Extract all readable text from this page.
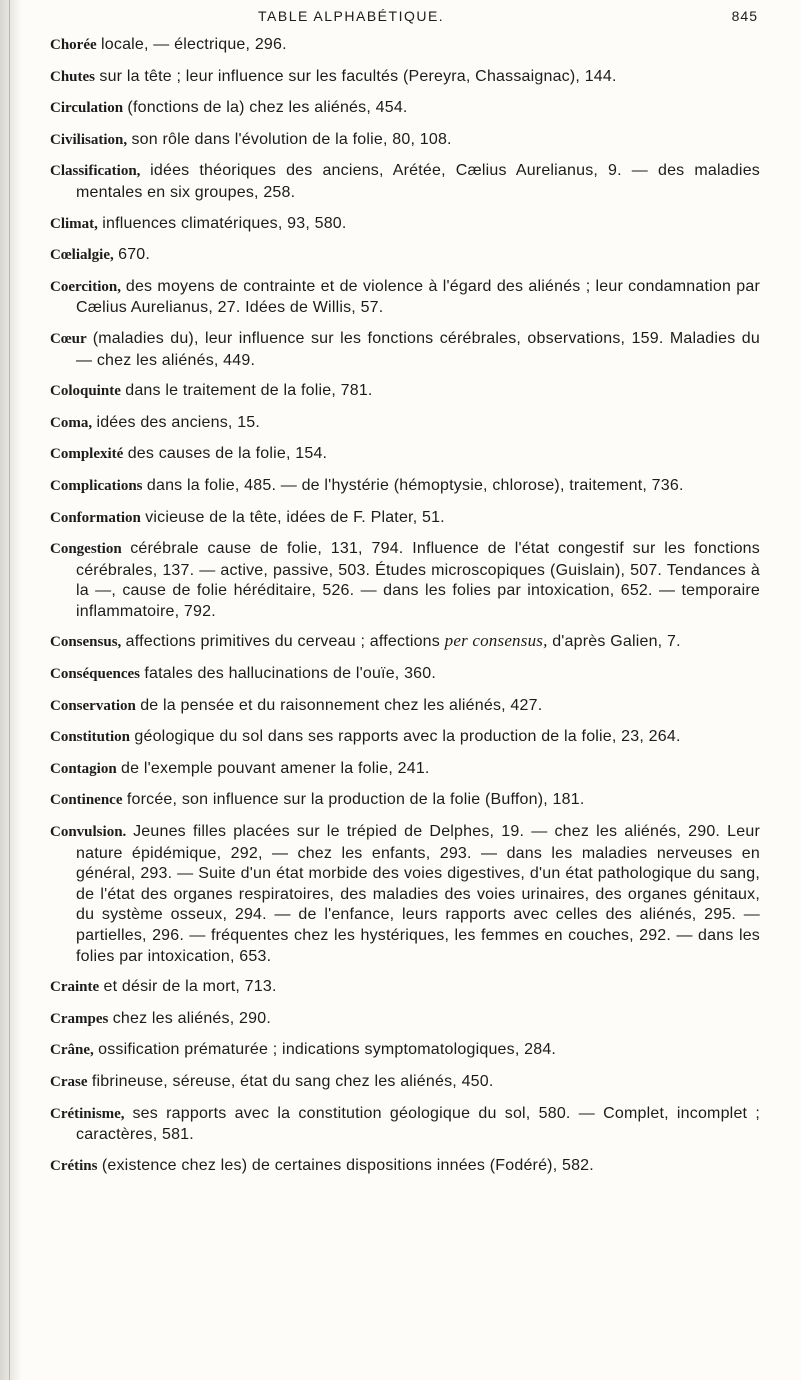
TABLE ALPHABÉTIQUE.	845

Chorée locale, — électrique, 296.

Chutes sur la tête ; leur influence sur les facultés (Pereyra, Chassaignac), 144.

Circulation (fonctions de la) chez les aliénés, 454.

Civilisation, son rôle dans l'évolution de la folie, 80, 108.

Classification, idées théoriques des anciens, Arétée, Cælius Aurelianus, 9. — des maladies mentales en six groupes, 258.

Climat, influences climatériques, 93, 580.

Cœlialgie, 670.

Coercition, des moyens de contrainte et de violence à l'égard des aliénés ; leur condamnation par Cælius Aurelianus, 27. Idées de Willis, 57.

Cœur (maladies du), leur influence sur les fonctions cérébrales, observations, 159. Maladies du — chez les aliénés, 449.

Coloquinte dans le traitement de la folie, 781.

Coma, idées des anciens, 15.

Complexité des causes de la folie, 154.

Complications dans la folie, 485. — de l'hystérie (hémoptysie, chlorose), traitement, 736.

Conformation vicieuse de la tête, idées de F. Plater, 51.

Congestion cérébrale cause de folie, 131, 794. Influence de l'état congestif sur les fonctions cérébrales, 137. — active, passive, 503. Études microscopiques (Guislain), 507. Tendances à la —, cause de folie héréditaire, 526. — dans les folies par intoxication, 652. — temporaire inflammatoire, 792.

Consensus, affections primitives du cerveau ; affections per consensus, d'après Galien, 7.

Conséquences fatales des hallucinations de l'ouïe, 360.

Conservation de la pensée et du raisonnement chez les aliénés, 427.

Constitution géologique du sol dans ses rapports avec la production de la folie, 23, 264.

Contagion de l'exemple pouvant amener la folie, 241.

Continence forcée, son influence sur la production de la folie (Buffon), 181.

Convulsion. Jeunes filles placées sur le trépied de Delphes, 19. — chez les aliénés, 290. Leur nature épidémique, 292, — chez les enfants, 293. — dans les maladies nerveuses en général, 293. — Suite d'un état morbide des voies digestives, d'un état pathologique du sang, de l'état des organes respiratoires, des maladies des voies urinaires, des organes génitaux, du système osseux, 294. — de l'enfance, leurs rapports avec celles des aliénés, 295. — partielles, 296. — fréquentes chez les hystériques, les femmes en couches, 292. — dans les folies par intoxication, 653.

Crainte et désir de la mort, 713.

Crampes chez les aliénés, 290.

Crâne, ossification prématurée ; indications symptomatologiques, 284.

Crase fibrineuse, séreuse, état du sang chez les aliénés, 450.

Crétinisme, ses rapports avec la constitution géologique du sol, 580. — Complet, incomplet ; caractères, 581.

Crétins (existence chez les) de certaines dispositions innées (Fodéré), 582.
